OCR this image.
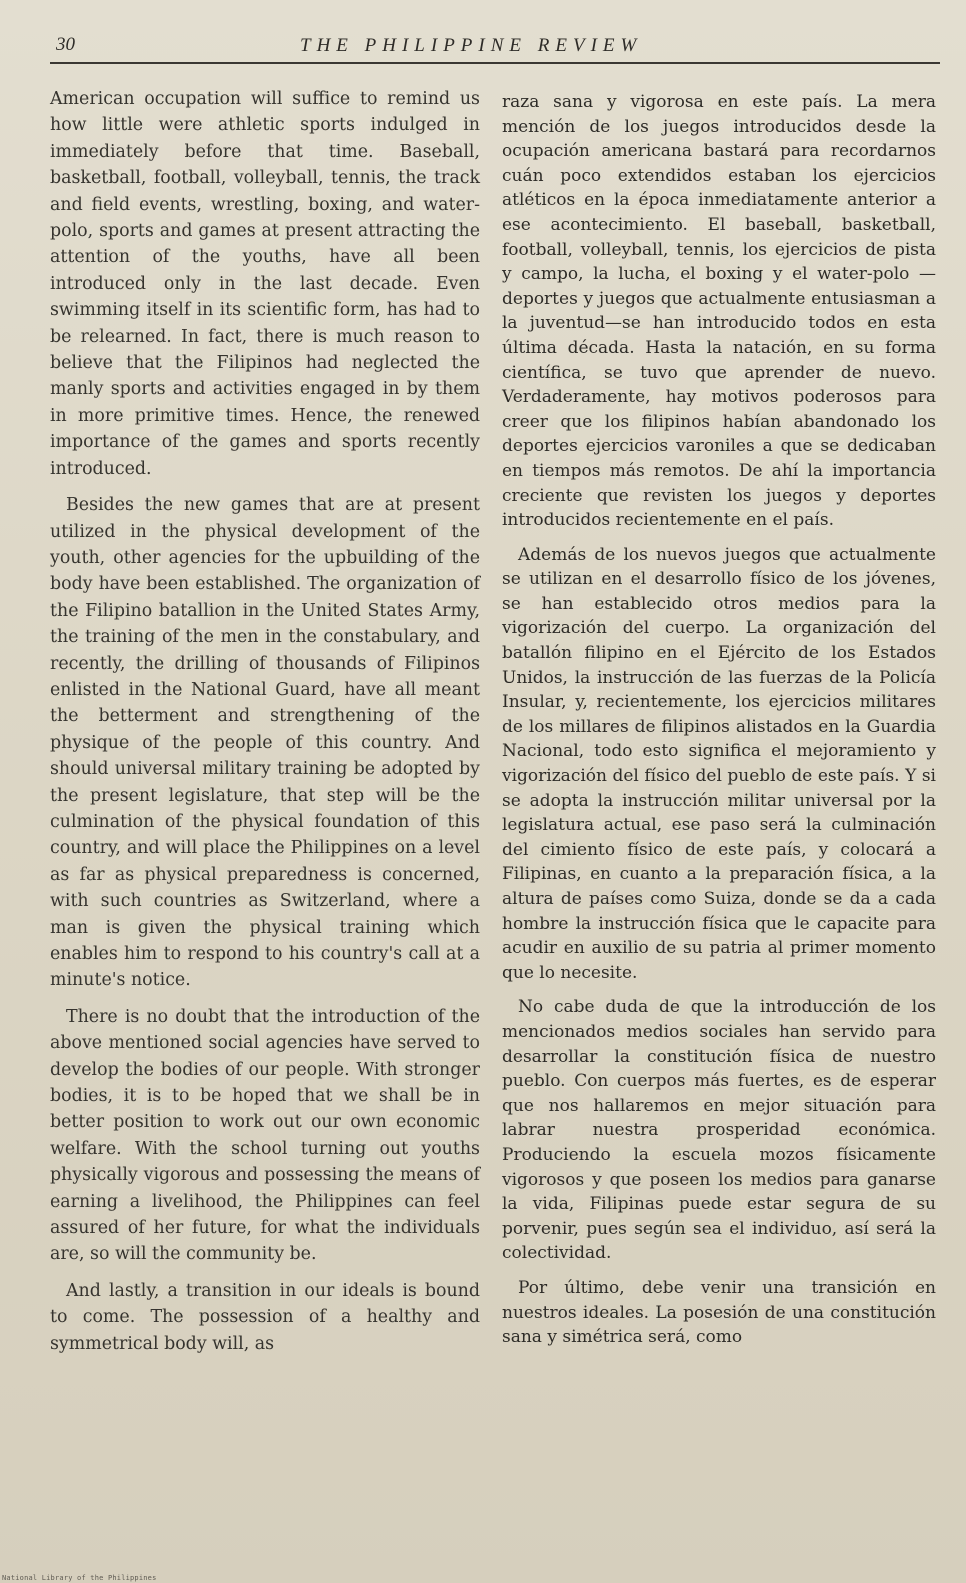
30	THE PHILIPPINE REVIEW

American occupation will suffice to remind us how little were athletic sports indulged in immediately before that time. Baseball, basketball, football, volleyball, tennis, the track and field events, wrestling, boxing, and water-polo, sports and games at present attracting the attention of the youths, have all been introduced only in the last decade. Even swimming itself in its scientific form, has had to be relearned. In fact, there is much reason to believe that the Filipinos had neglected the manly sports and activities engaged in by them in more primitive times. Hence, the renewed importance of the games and sports recently introduced.

Besides the new games that are at present utilized in the physical development of the youth, other agencies for the upbuilding of the body have been established. The organization of the Filipino batallion in the United States Army, the training of the men in the constabulary, and recently, the drilling of thousands of Filipinos enlisted in the National Guard, have all meant the betterment and strengthening of the physique of the people of this country. And should universal military training be adopted by the present legislature, that step will be the culmination of the physical foundation of this country, and will place the Philippines on a level as far as physical preparedness is concerned, with such countries as Switzerland, where a man is given the physical training which enables him to respond to his country's call at a minute's notice.

There is no doubt that the introduction of the above mentioned social agencies have served to develop the bodies of our people. With stronger bodies, it is to be hoped that we shall be in better position to work out our own economic welfare. With the school turning out youths physically vigorous and possessing the means of earning a livelihood, the Philippines can feel assured of her future, for what the individuals are, so will the community be.

And lastly, a transition in our ideals is bound to come. The possession of a healthy and symmetrical body will, as

raza sana y vigorosa en este país. La mera mención de los juegos introducidos desde la ocupación americana bastará para recordarnos cuán poco extendidos estaban los ejercicios atléticos en la época inmediatamente anterior a ese acontecimiento. El baseball, basketball, football, volleyball, tennis, los ejercicios de pista y campo, la lucha, el boxing y el water-polo —deportes y juegos que actualmente entusiasman a la juventud—se han introducido todos en esta última década. Hasta la natación, en su forma científica, se tuvo que aprender de nuevo. Verdaderamente, hay motivos poderosos para creer que los filipinos habían abandonado los deportes ejercicios varoniles a que se dedicaban en tiempos más remotos. De ahí la importancia creciente que revisten los juegos y deportes introducidos recientemente en el país.

Además de los nuevos juegos que actualmente se utilizan en el desarrollo físico de los jóvenes, se han establecido otros medios para la vigorización del cuerpo. La organización del batallón filipino en el Ejército de los Estados Unidos, la instrucción de las fuerzas de la Policía Insular, y, recientemente, los ejercicios militares de los millares de filipinos alistados en la Guardia Nacional, todo esto significa el mejoramiento y vigorización del físico del pueblo de este país. Y si se adopta la instrucción militar universal por la legislatura actual, ese paso será la culminación del cimiento físico de este país, y colocará a Filipinas, en cuanto a la preparación física, a la altura de países como Suiza, donde se da a cada hombre la instrucción física que le capacite para acudir en auxilio de su patria al primer momento que lo necesite.

No cabe duda de que la introducción de los mencionados medios sociales han servido para desarrollar la constitución física de nuestro pueblo. Con cuerpos más fuertes, es de esperar que nos hallaremos en mejor situación para labrar nuestra prosperidad económica. Produciendo la escuela mozos físicamente vigorosos y que poseen los medios para ganarse la vida, Filipinas puede estar segura de su porvenir, pues según sea el individuo, así será la colectividad.

Por último, debe venir una transición en nuestros ideales. La posesión de una constitución sana y simétrica será, como

National Library of the Philippines
